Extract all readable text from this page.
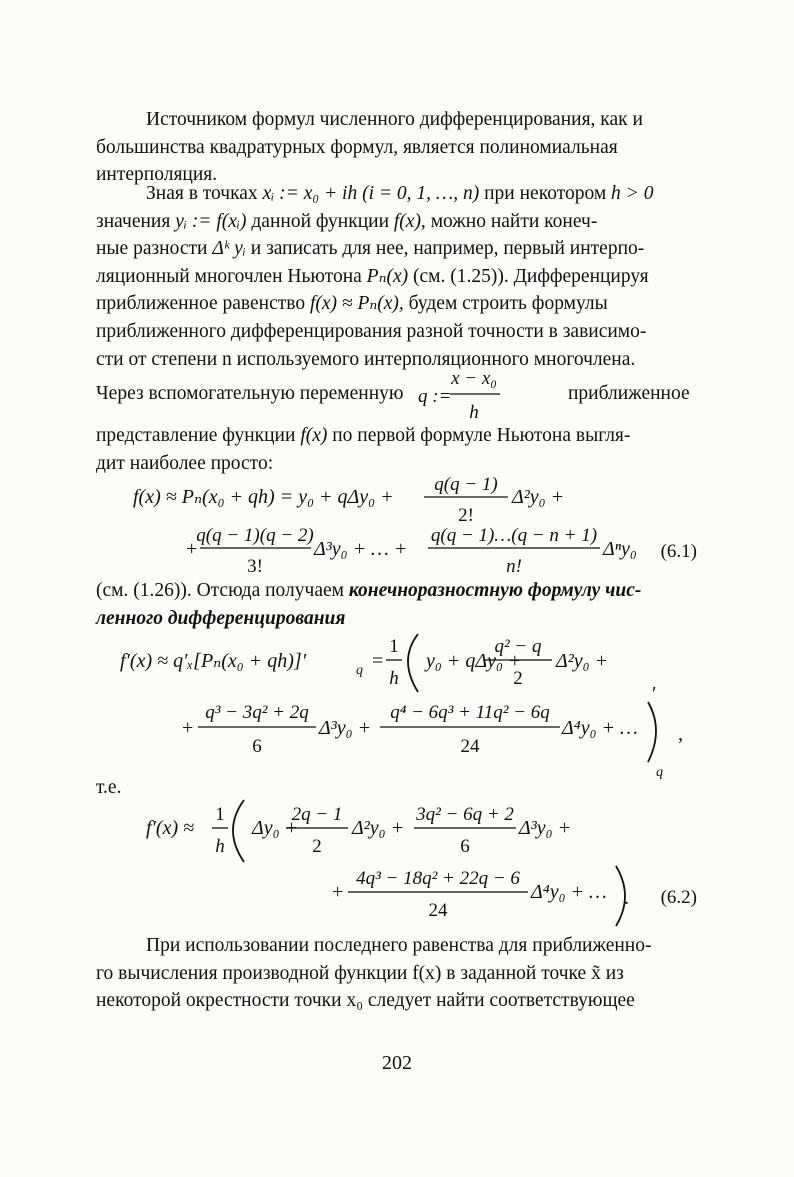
Источником формул численного дифференцирования, как и
большинства квадратурных формул, является полиномиальная
интерполяция.

Зная в точках xᵢ := x₀ + ih (i = 0, 1, …, n) при некотором h > 0
значения yᵢ := f(xᵢ) данной функции f(x), можно найти конеч-
ные разности Δᵏ yᵢ и записать для нее, например, первый интерпо-
ляционный многочлен Ньютона Pₙ(x) (см. (1.25)). Дифференцируя
приближенное равенство f(x) ≈ Pₙ(x), будем строить формулы
приближенного дифференцирования разной точности в зависимо-
сти от степени n используемого интерполяционного многочлена.
Через вспомогательную переменную	приближенное
представление функции f(x) по первой формуле Ньютона выгля-
дит наиболее просто:
(см. (1.26)). Отсюда получаем конечноразностную формулу чис-
ленного дифференцирования
т.е.
При использовании последнего равенства для приближенно-
го вычисления производной функции f(x) в заданной точке x̃ из
некоторой окрестности точки x₀ следует найти соответствующее
202
q :=
x − x₀
h
f(x) ≈ Pₙ(x₀ + qh) = y₀ + qΔy₀ +
q(q − 1)
2!
Δ²y₀ +
+
q(q − 1)(q − 2)
3!
Δ³y₀ + … +
q(q − 1)…(q − n + 1)
n!
Δⁿy₀ (6.1)
f′(x) ≈ q′ₓ[Pₙ(x₀ + qh)]′	q =
1
h
y₀ + qΔy₀ +
q² − q
2
Δ²y₀ +
+
q³ − 3q² + 2q
6
Δ³y₀ +
q⁴ − 6q³ + 11q² − 6q
24
Δ⁴y₀ + …
′
q
,
f′(x) ≈
1
h
Δy₀ +
2q − 1
2
Δ²y₀ +
3q² − 6q + 2
6
Δ³y₀ +
+
4q³ − 18q² + 22q − 6
24
Δ⁴y₀ + … . (6.2)
